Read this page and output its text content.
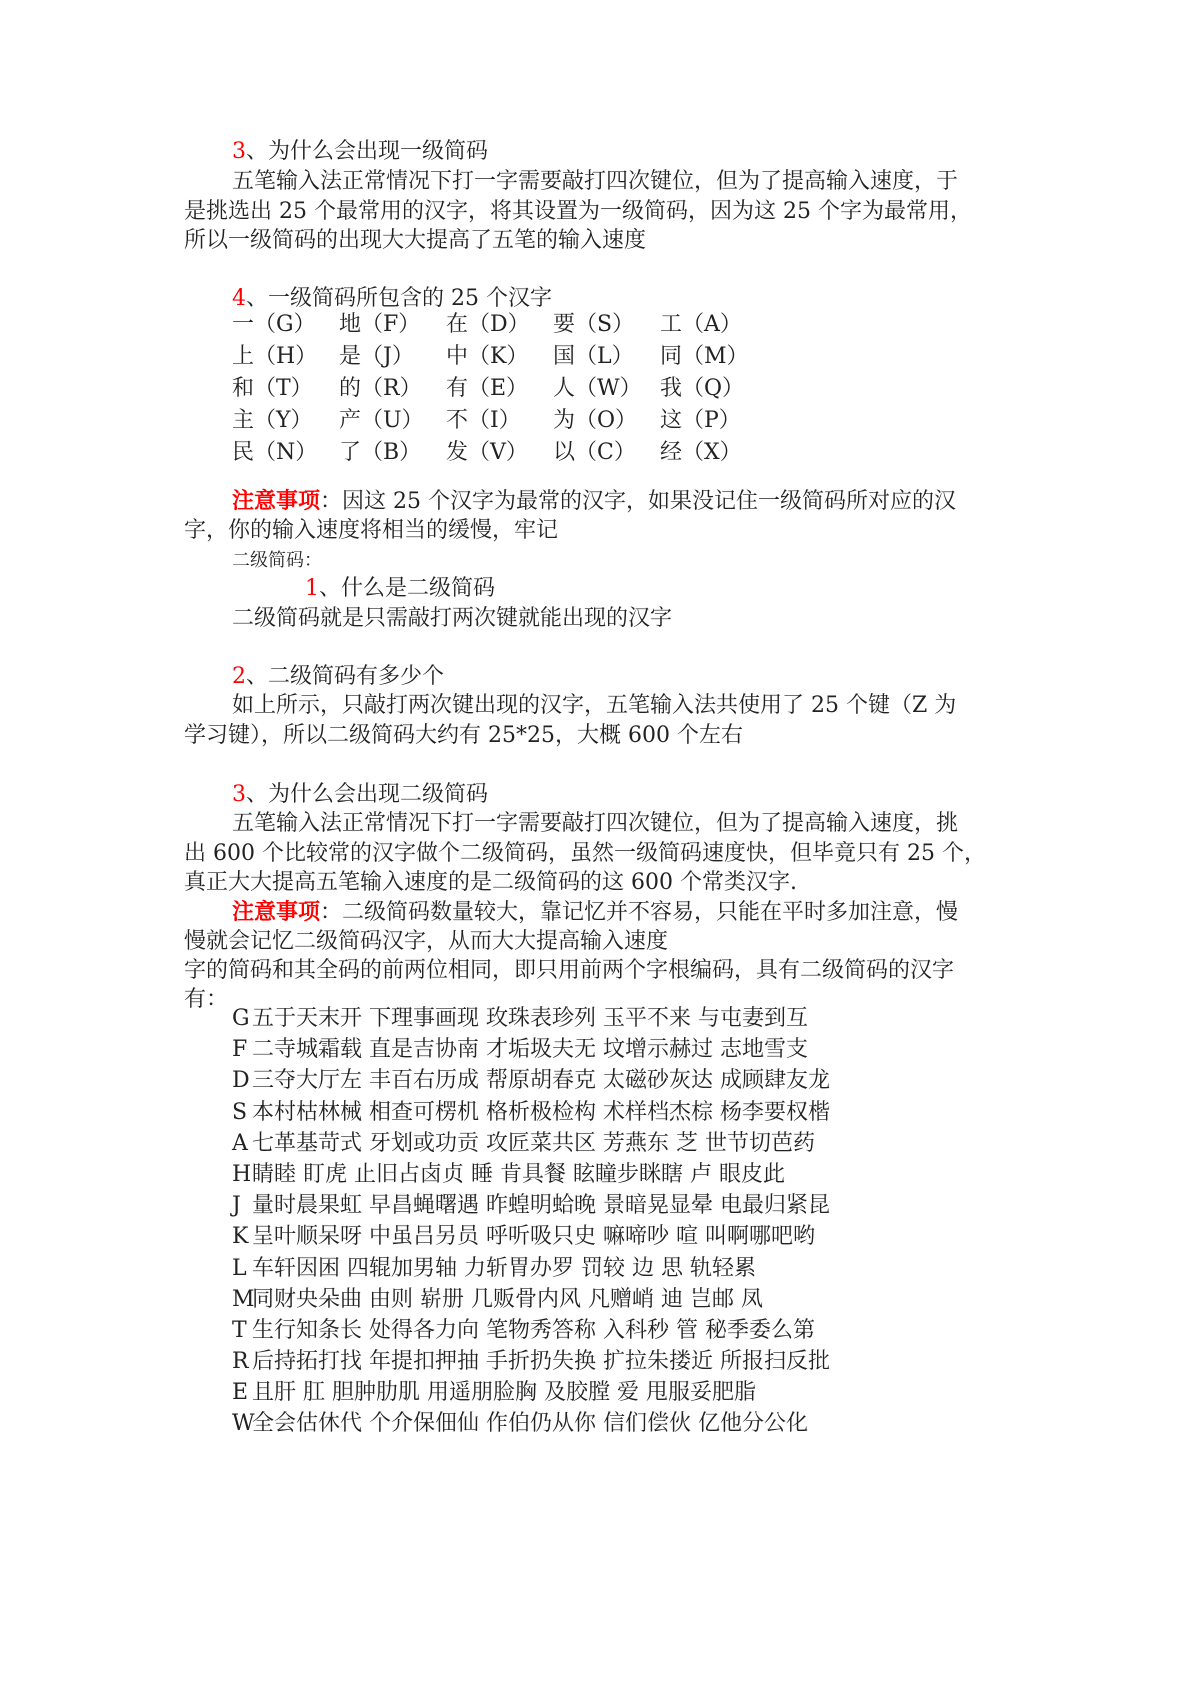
3、为什么会出现一级简码
五笔输入法正常情况下打一字需要敲打四次键位，但为了提高输入速度，于
是挑选出 25 个最常用的汉字，将其设置为一级简码，因为这 25 个字为最常用，
所以一级简码的出现大大提高了五笔的输入速度
4、一级简码所包含的 25 个汉字
一（G）	地（F）	在（D）	要（S）	工（A）
上（H） 是（J）	中（K）	国（L）	同（M）
和（T）	的（R）	有（E）	人（W） 我（Q）
主（Y）	产（U）	不（I）	为（O）	这（P）
民（N） 了（B）	发（V）	以（C）	经（X）
注意事项：因这 25 个汉字为最常的汉字，如果没记住一级简码所对应的汉
字，你的输入速度将相当的缓慢，牢记
二级简码：
1、什么是二级简码
二级简码就是只需敲打两次键就能出现的汉字
2、二级简码有多少个
如上所示，只敲打两次键出现的汉字，五笔输入法共使用了 25 个键（Z 为
学习键），所以二级简码大约有 25*25，大概 600 个左右
3、为什么会出现二级简码
五笔输入法正常情况下打一字需要敲打四次键位，但为了提高输入速度，挑
出 600 个比较常的汉字做个二级简码，虽然一级简码速度快，但毕竟只有 25 个，
真正大大提高五笔输入速度的是二级简码的这 600 个常类汉字.
注意事项：二级简码数量较大，靠记忆并不容易，只能在平时多加注意，慢
慢就会记忆二级简码汉字，从而大大提高输入速度
字的简码和其全码的前两位相同，即只用前两个字根编码，具有二级简码的汉字
有：
G 五于天末开 下理事画现 玫珠表珍列 玉平不来 与屯妻到互
F 二寺城霜载 直是吉协南 才垢圾夫无 坟增示赫过 志地雪支
D 三夺大厅左 丰百右历成 帮原胡春克 太磁砂灰达 成顾肆友龙
S 本村枯林械 相查可楞机 格析极检构 术样档杰棕 杨李要权楷
A 七革基苛式 牙划或功贡 攻匠菜共区 芳燕东 芝 世节切芭药
H睛睦 盯虎 止旧占卤贞 睡 肯具餐 眩瞳步眯瞎 卢 眼皮此
J 量时晨果虹 早昌蝇曙遇 昨蝗明蛤晚 景暗晃显晕 电最归紧昆
K 呈叶顺呆呀 中虽吕另员 呼听吸只史 嘛啼吵 喧 叫啊哪吧哟
L 车轩因困 四辊加男轴 力斩胃办罗 罚较 边 思 轨轻累
M同财央朵曲 由则 崭册 几贩骨内风 凡赠峭 迪 岂邮 凤
T 生行知条长 处得各力向 笔物秀答称 入科秒 管 秘季委么第
R 后持拓打找 年提扣押抽 手折扔失换 扩拉朱搂近 所报扫反批
E 且肝 肛 胆肿肋肌 用遥朋脸胸 及胶膛 爱 甩服妥肥脂
W全会估休代 个介保佃仙 作伯仍从你 信们偿伙 亿他分公化
